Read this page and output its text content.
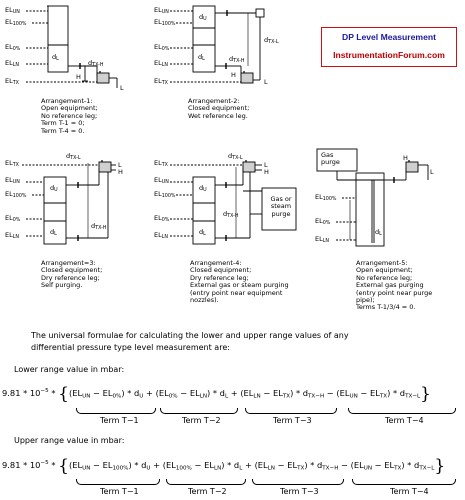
DP Level Measurement
InstrumentationForum.com
$EL_{UN}$
$EL_{100\%}$
$EL_{0\%}$
$EL_{LN}$
$EL_{TX}$
$d_L$	$d_{TX-H}$
H
L
Arrangement-1:
Open equipment;
No reference leg;
Term T-1 = 0;
Term T-4 = 0.
$EL_{UN}$
$EL_{100\%}$
$EL_{0\%}$
$EL_{LN}$
$EL_{TX}$
$d_U$
$d_L$
$d_{TX-L}$
$d_{TX-H}$
H
L
Arrangement-2:
Closed equipment;
Wet reference leg.
$EL_{TX}$
$EL_{UN}$
$EL_{100\%}$
$EL_{0\%}$
$EL_{LN}$
$d_U$
$d_L$
$d_{TX-L}$
$d_{TX-H}$
L
H
Arrangement=3:
Closed equipment;
Dry reference leg;
Self purging.
$EL_{TX}$
$EL_{UN}$
$EL_{100\%}$
$EL_{0\%}$
$EL_{LN}$
$d_U$
$d_L$
$d_{TX-L}$
$d_{TX-H}$
L
H
Gas or
steam
purge
Arrangement-4:
Closed equipment;
Dry reference leg;
External gas or steam purging
(entry point near equipment
nozzles).
Gas
purge
$EL_{100\%}$
$EL_{0\%}$
$EL_{LN}$
$d_L$
H
L
Arrangement-5:
Open equipment;
No reference leg;
External gas purging
(entry point near purge
pipe);
Terms T-1/3/4 = 0.
The universal formulae for calculating the lower and upper range values of any
differential pressure type level measurement are:
Lower range value in mbar:
$9.81 * 10^{-5} * \{(EL_{UN} - EL_{0\%}) * d_U + (EL_{0\%} - EL_{LN}) * d_L + (EL_{LN} - EL_{TX}) * d_{TX-H} - (EL_{UN} - EL_{TX}) * d_{TX-L}\}$
Term T−1	Term T−2	Term T−3	Term T−4
Upper range value in mbar:
$9.81 * 10^{-5} * \{(EL_{UN} - EL_{100\%}) * d_U + (EL_{100\%} - EL_{LN}) * d_L + (EL_{LN} - EL_{TX}) * d_{TX-H} - (EL_{UN} - EL_{TX}) * d_{TX-L}\}$
Term T−1	Term T−2	Term T−3	Term T−4
